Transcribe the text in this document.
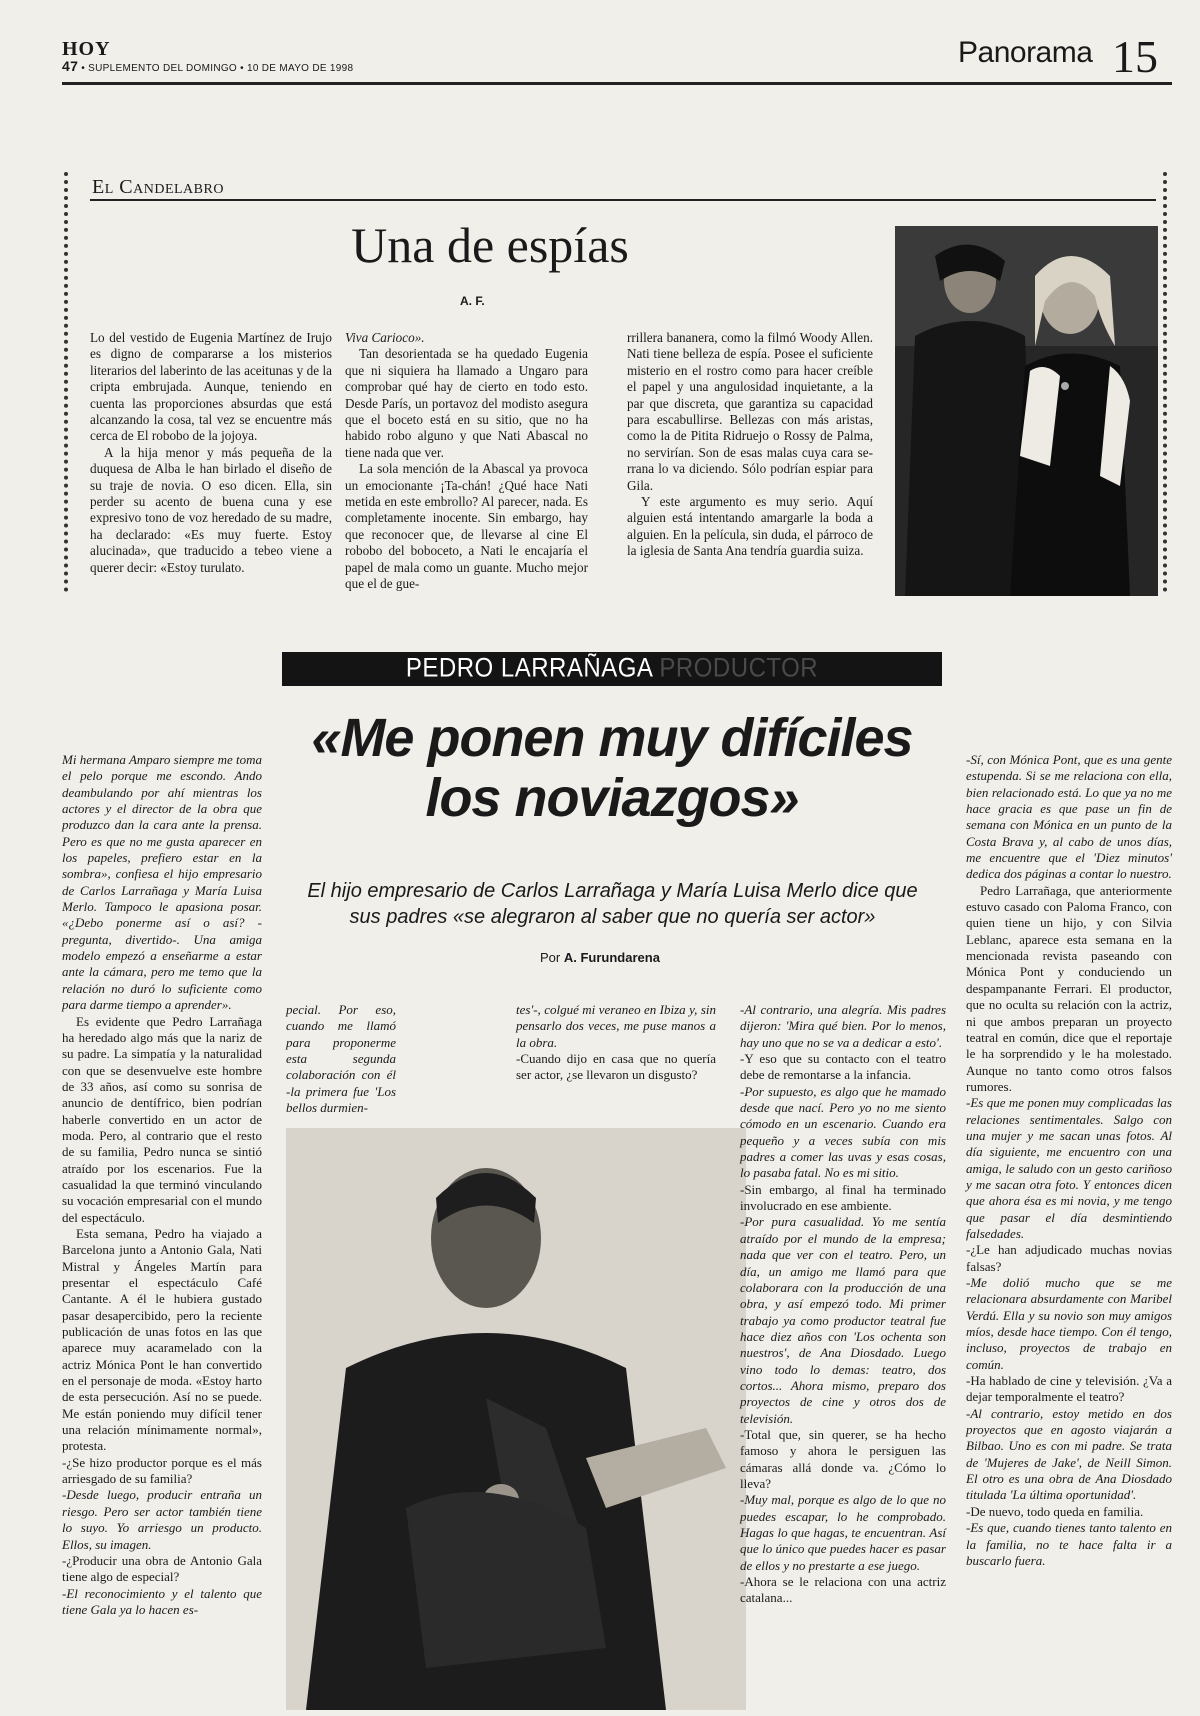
HOY
47 • SUPLEMENTO DEL DOMINGO • 10 DE MAYO DE 1998	Panorama 15
El Candelabro
Una de espías
A. F.

Lo del vestido de Eugenia Martínez de Irujo es digno de compararse a los misterios literarios del laberinto de las aceitunas y de la cripta embrujada. Aunque, teniendo en cuenta las proporciones absurdas que está alcanzando la cosa, tal vez se encuentre más cerca de El robobo de la jojoya.

A la hija menor y más pequeña de la duquesa de Alba le han birlado el diseño de su traje de novia. O eso dicen. Ella, sin perder su acento de buena cuna y ese expresivo tono de voz heredado de su madre, ha declarado: «Es muy fuerte. Estoy alucinada», que traducido a tebeo viene a querer decir: «Estoy turulato.

Viva Carioco».

Tan desorientada se ha quedado Eugenia que ni siquiera ha llamado a Ungaro para comprobar qué hay de cierto en todo esto. Desde París, un portavoz del modisto asegura que el boceto está en su sitio, que no ha habido robo alguno y que Nati Abascal no tiene nada que ver.

La sola mención de la Abascal ya provoca un emocionante ¡Ta-chán! ¿Qué hace Nati metida en este embrollo? Al parecer, nada. Es completamente inocente. Sin embargo, hay que reconocer que, de llevarse al cine El robobo del boboceto, a Nati le encajaría el papel de mala como un guante. Mucho mejor que el de gue-

rrillera bananera, como la filmó Woody Allen. Nati tiene belleza de espía. Posee el suficiente misterio en el rostro como para hacer creíble el papel y una angulosidad inquietante, a la par que discreta, que garantiza su capacidad para escabullirse. Bellezas con más aristas, como la de Pitita Ridruejo o Rossy de Palma, no servirían. Son de esas malas cuya cara se-rrana lo va diciendo. Sólo podrían espiar para Gila.

Y este argumento es muy serio. Aquí alguien está intentando amargarle la boda a alguien. En la película, sin duda, el párroco de la iglesia de Santa Ana tendría guardia suiza.

PEDRO LARRAÑAGA PRODUCTOR
«Me ponen muy difíciles los noviazgos»
El hijo empresario de Carlos Larrañaga y María Luisa Merlo dice que sus padres «se alegraron al saber que no quería ser actor»
Por A. Furundarena

Mi hermana Amparo siempre me toma el pelo porque me escondo. Ando deambulando por ahí mientras los actores y el director de la obra que produzco dan la cara ante la prensa. Pero es que no me gusta aparecer en los papeles, prefiero estar en la sombra», confiesa el hijo empresario de Carlos Larrañaga y María Luisa Merlo. Tampoco le apasiona posar. «¿Debo ponerme así o así? -pregunta, divertido-. Una amiga modelo empezó a enseñarme a estar ante la cámara, pero me temo que la relación no duró lo suficiente como para darme tiempo a aprender».

Es evidente que Pedro Larrañaga ha heredado algo más que la nariz de su padre. La simpatía y la naturalidad con que se desenvuelve este hombre de 33 años, así como su sonrisa de anuncio de dentífrico, bien podrían haberle convertido en un actor de moda. Pero, al contrario que el resto de su familia, Pedro nunca se sintió atraído por los escenarios. Fue la casualidad la que terminó vinculando su vocación empresarial con el mundo del espectáculo.

Esta semana, Pedro ha viajado a Barcelona junto a Antonio Gala, Nati Mistral y Ángeles Martín para presentar el espectáculo Café Cantante. A él le hubiera gustado pasar desapercibido, pero la reciente publicación de unas fotos en las que aparece muy acaramelado con la actriz Mónica Pont le han convertido en el personaje de moda. «Estoy harto de esta persecución. Así no se puede. Me están poniendo muy difícil tener una relación mínimamente normal», protesta.

-¿Se hizo productor porque es el más arriesgado de su familia?

-Desde luego, producir entraña un riesgo. Pero ser actor también tiene lo suyo. Yo arriesgo un producto. Ellos, su imagen.

-¿Producir una obra de Antonio Gala tiene algo de especial?

-El reconocimiento y el talento que tiene Gala ya lo hacen es-

pecial. Por eso, cuando me llamó para proponerme esta segunda colaboración con él -la primera fue 'Los bellos durmien-

tes'-, colgué mi veraneo en Ibiza y, sin pensarlo dos veces, me puse manos a la obra.

-Cuando dijo en casa que no quería ser actor, ¿se llevaron un disgusto?

-Al contrario, una alegría. Mis padres dijeron: 'Mira qué bien. Por lo menos, hay uno que no se va a dedicar a esto'.

-Y eso que su contacto con el teatro debe de remontarse a la infancia.

-Por supuesto, es algo que he mamado desde que nací. Pero yo no me siento cómodo en un escenario. Cuando era pequeño y a veces subía con mis padres a comer las uvas y esas cosas, lo pasaba fatal. No es mi sitio.

-Sin embargo, al final ha terminado involucrado en ese ambiente.

-Por pura casualidad. Yo me sentía atraído por el mundo de la empresa; nada que ver con el teatro. Pero, un día, un amigo me llamó para que colaborara con la producción de una obra, y así empezó todo. Mi primer trabajo ya como productor teatral fue hace diez años con 'Los ochenta son nuestros', de Ana Diosdado. Luego vino todo lo demas: teatro, dos cortos... Ahora mismo, preparo dos proyectos de cine y otros dos de televisión.

-Total que, sin querer, se ha hecho famoso y ahora le persiguen las cámaras allá donde va. ¿Cómo lo lleva?

-Muy mal, porque es algo de lo que no puedes escapar, lo he comprobado. Hagas lo que hagas, te encuentran. Así que lo único que puedes hacer es pasar de ellos y no prestarte a ese juego.

-Ahora se le relaciona con una actriz catalana...

-Sí, con Mónica Pont, que es una gente estupenda. Si se me relaciona con ella, bien relacionado está. Lo que ya no me hace gracia es que pase un fin de semana con Mónica en un punto de la Costa Brava y, al cabo de unos días, me encuentre que el 'Diez minutos' dedica dos páginas a contar lo nuestro.

Pedro Larrañaga, que anteriormente estuvo casado con Paloma Franco, con quien tiene un hijo, y con Silvia Leblanc, aparece esta semana en la mencionada revista paseando con Mónica Pont y conduciendo un despampanante Ferrari. El productor, que no oculta su relación con la actriz, ni que ambos preparan un proyecto teatral en común, dice que el reportaje le ha sorprendido y le ha molestado. Aunque no tanto como otros falsos rumores.

-Es que me ponen muy complicadas las relaciones sentimentales. Salgo con una mujer y me sacan unas fotos. Al día siguiente, me encuentro con una amiga, le saludo con un gesto cariñoso y me sacan otra foto. Y entonces dicen que ahora ésa es mi novia, y me tengo que pasar el día desmintiendo falsedades.

-¿Le han adjudicado muchas novias falsas?

-Me dolió mucho que se me relacionara absurdamente con Maribel Verdú. Ella y su novio son muy amigos míos, desde hace tiempo. Con él tengo, incluso, proyectos de trabajo en común.

-Ha hablado de cine y televisión. ¿Va a dejar temporalmente el teatro?

-Al contrario, estoy metido en dos proyectos que en agosto viajarán a Bilbao. Uno es con mi padre. Se trata de 'Mujeres de Jake', de Neill Simon. El otro es una obra de Ana Diosdado titulada 'La última oportunidad'.

-De nuevo, todo queda en familia.

-Es que, cuando tienes tanto talento en la familia, no te hace falta ir a buscarlo fuera.
